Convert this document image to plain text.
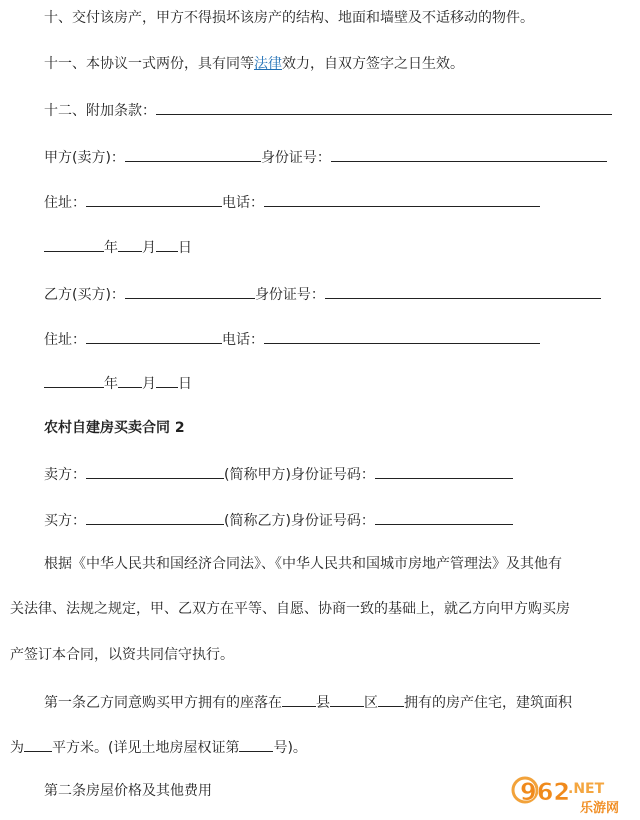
十、交付该房产，甲方不得损坏该房产的结构、地面和墙壁及不适移动的物件。
十一、本协议一式两份，具有同等法律效力，自双方签字之日生效。
十二、附加条款：
甲方(卖方)：	身份证号：
住址：	电话：
年 月 日
乙方(买方)：	身份证号：
住址：	电话：
年 月 日
农村自建房买卖合同 2
卖方：	(简称甲方)身份证号码：
买方：	(简称乙方)身份证号码：
根据《中华人民共和国经济合同法》、《中华人民共和国城市房地产管理法》及其他有
关法律、法规之规定，甲、乙双方在平等、自愿、协商一致的基础上，就乙方向甲方购买房
产签订本合同，以资共同信守执行。
第一条乙方同意购买甲方拥有的座落在 县 区 拥有的房产住宅，建筑面积
为 平方米。(详见土地房屋权证第 号)。
第二条房屋价格及其他费用	962
.NET
乐游网
